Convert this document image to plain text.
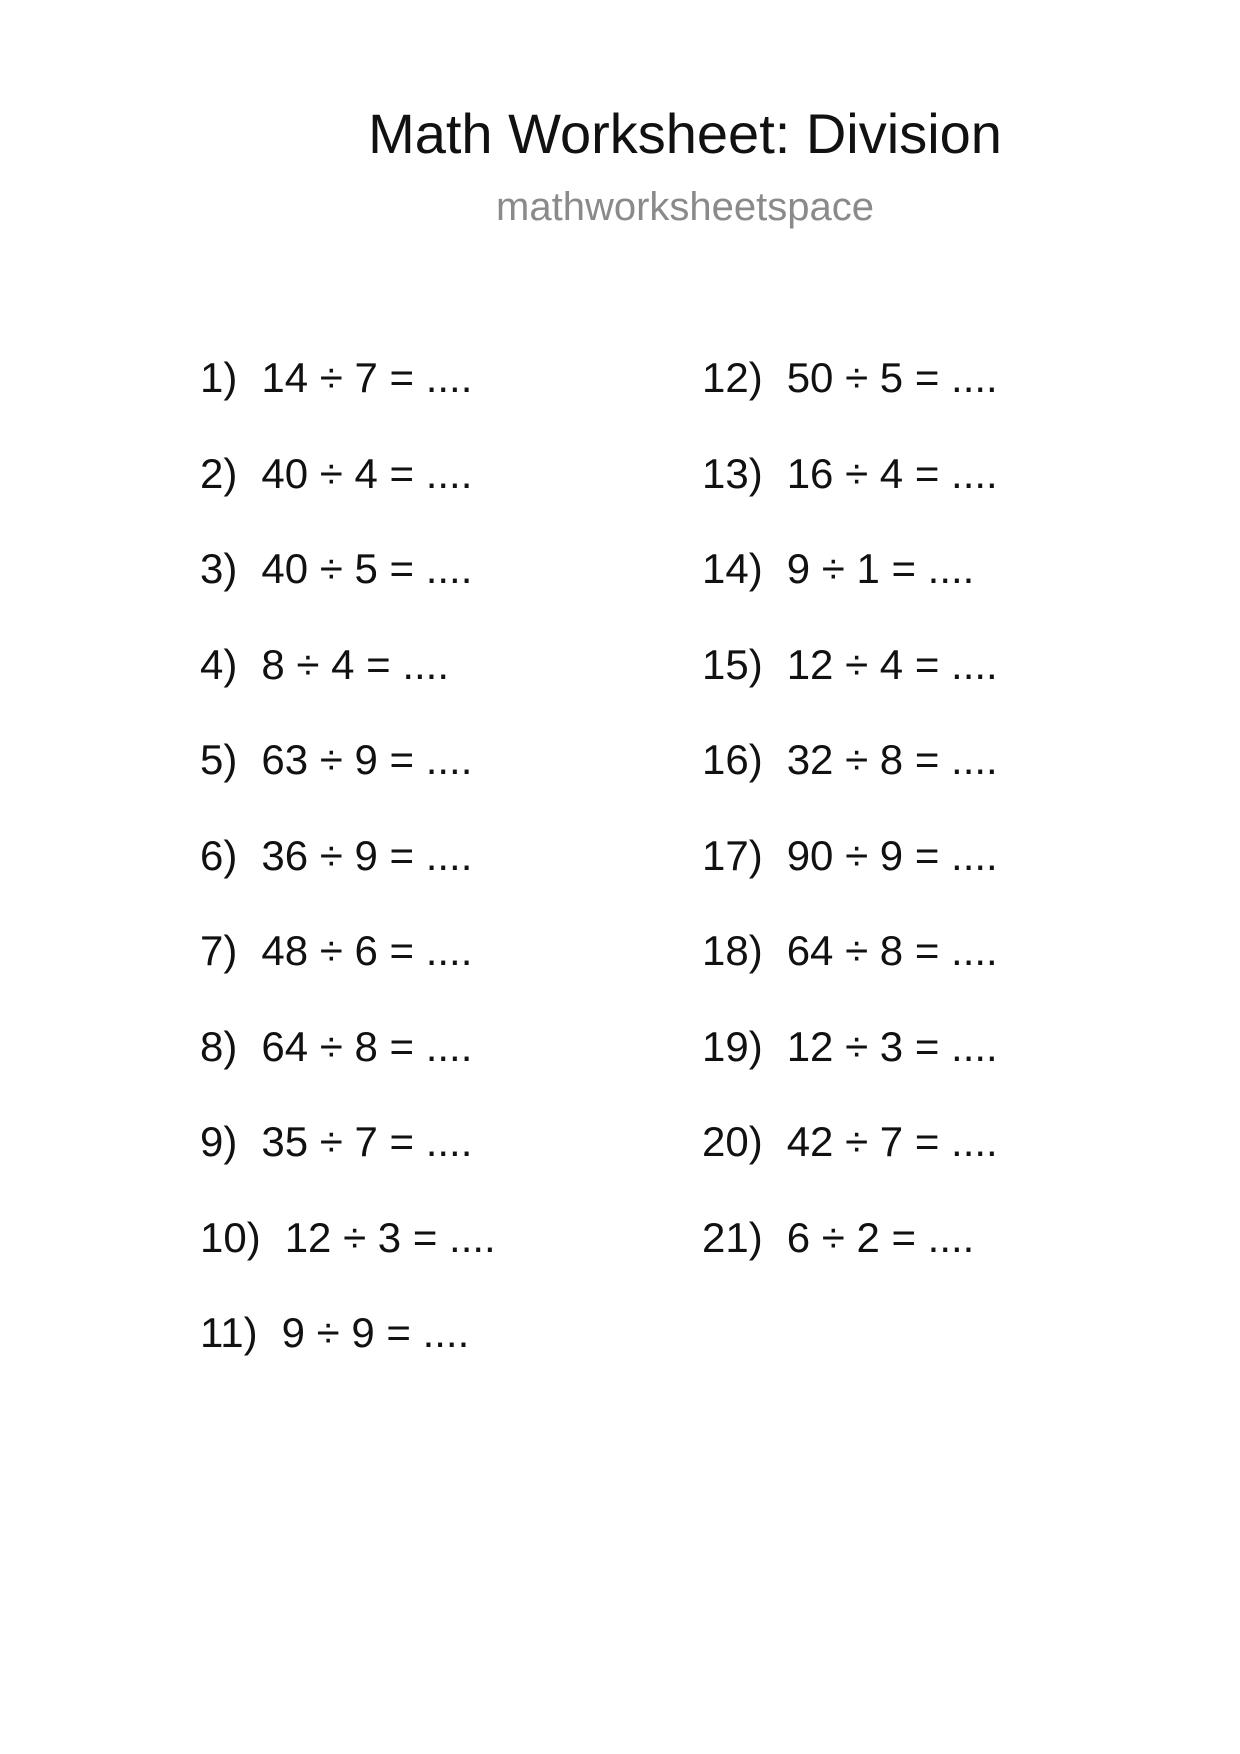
Math Worksheet: Division
mathworksheetspace
1) 14 ÷ 7 = ....
2) 40 ÷ 4 = ....
3) 40 ÷ 5 = ....
4) 8 ÷ 4 = ....
5) 63 ÷ 9 = ....
6) 36 ÷ 9 = ....
7) 48 ÷ 6 = ....
8) 64 ÷ 8 = ....
9) 35 ÷ 7 = ....
10) 12 ÷ 3 = ....
11) 9 ÷ 9 = ....
12) 50 ÷ 5 = ....
13) 16 ÷ 4 = ....
14) 9 ÷ 1 = ....
15) 12 ÷ 4 = ....
16) 32 ÷ 8 = ....
17) 90 ÷ 9 = ....
18) 64 ÷ 8 = ....
19) 12 ÷ 3 = ....
20) 42 ÷ 7 = ....
21) 6 ÷ 2 = ....
